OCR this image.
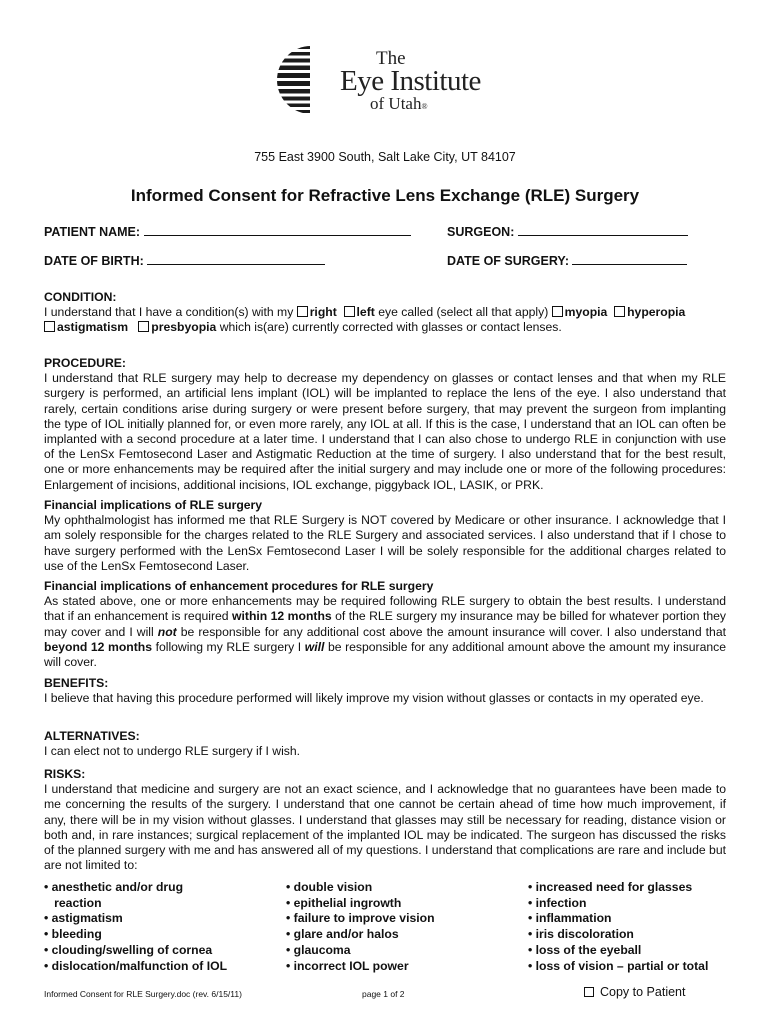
The
Eye Institute
of Utah®
755 East 3900 South, Salt Lake City, UT 84107
Informed Consent for Refractive Lens Exchange (RLE) Surgery
PATIENT NAME:	SURGEON:
DATE OF BIRTH:	DATE OF SURGERY:
CONDITION:
I understand that I have a condition(s) with my right left eye called (select all that apply) myopia hyperopia
astigmatism presbyopia which is(are) currently corrected with glasses or contact lenses.
PROCEDURE:
I understand that RLE surgery may help to decrease my dependency on glasses or contact lenses and that when my RLE surgery is performed, an artificial lens implant (IOL) will be implanted to replace the lens of the eye. I also understand that rarely, certain conditions arise during surgery or were present before surgery, that may prevent the surgeon from implanting the type of IOL initially planned for, or even more rarely, any IOL at all. If this is the case, I understand that an IOL can often be implanted with a second procedure at a later time. I understand that I can also chose to undergo RLE in conjunction with use of the LenSx Femtosecond Laser and Astigmatic Reduction at the time of surgery. I also understand that for the best result, one or more enhancements may be required after the initial surgery and may include one or more of the following procedures: Enlargement of incisions, additional incisions, IOL exchange, piggyback IOL, LASIK, or PRK.
Financial implications of RLE surgery
My ophthalmologist has informed me that RLE Surgery is NOT covered by Medicare or other insurance. I acknowledge that I am solely responsible for the charges related to the RLE Surgery and associated services. I also understand that if I chose to have surgery performed with the LenSx Femtosecond Laser I will be solely responsible for the additional charges related to use of the LenSx Femtosecond Laser.
Financial implications of enhancement procedures for RLE surgery
As stated above, one or more enhancements may be required following RLE surgery to obtain the best results. I understand that if an enhancement is required within 12 months of the RLE surgery my insurance may be billed for whatever portion they may cover and I will not be responsible for any additional cost above the amount insurance will cover. I also understand that beyond 12 months following my RLE surgery I will be responsible for any additional amount above the amount my insurance will cover.
BENEFITS:
I believe that having this procedure performed will likely improve my vision without glasses or contacts in my operated eye.
ALTERNATIVES:
I can elect not to undergo RLE surgery if I wish.
RISKS:
I understand that medicine and surgery are not an exact science, and I acknowledge that no guarantees have been made to me concerning the results of the surgery. I understand that one cannot be certain ahead of time how much improvement, if any, there will be in my vision without glasses. I understand that glasses may still be necessary for reading, distance vision or both and, in rare instances; surgical replacement of the implanted IOL may be indicated. The surgeon has discussed the risks of the planned surgery with me and has answered all of my questions. I understand that complications are rare and include but are not limited to:
• anesthetic and/or drug
reaction
• astigmatism
• bleeding
• clouding/swelling of cornea
• dislocation/malfunction of IOL
• double vision
• epithelial ingrowth
• failure to improve vision
• glare and/or halos
• glaucoma
• incorrect IOL power
• increased need for glasses
• infection
• inflammation
• iris discoloration
• loss of the eyeball
• loss of vision – partial or total
Informed Consent for RLE Surgery.doc (rev. 6/15/11)	page 1 of 2	Copy to Patient
